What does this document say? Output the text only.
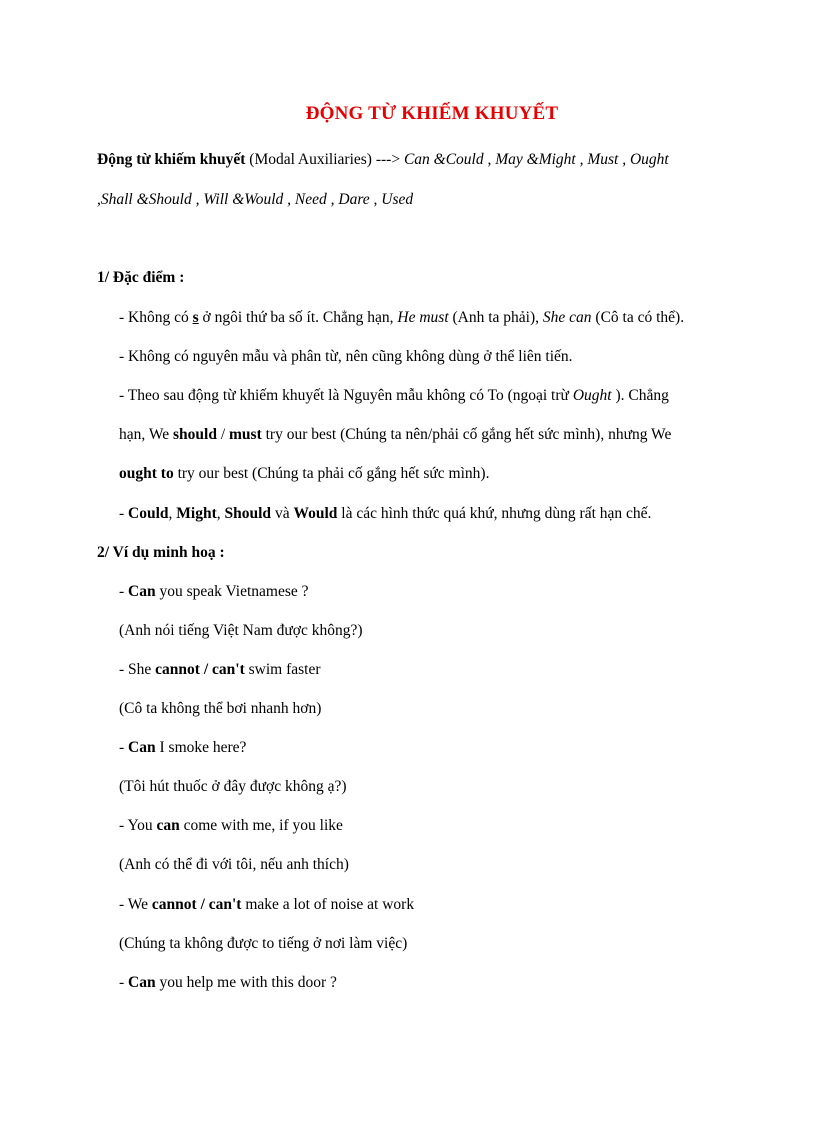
ĐỘNG TỪ KHIẾM KHUYẾT
Động từ khiếm khuyết (Modal Auxiliaries) ---> Can &Could , May &Might , Must , Ought
,Shall &Should , Will &Would , Need , Dare , Used
1/ Đặc điểm :
- Không có s ở ngôi thứ ba số ít. Chẳng hạn, He must (Anh ta phải), She can (Cô ta có thể).
- Không có nguyên mẫu và phân từ, nên cũng không dùng ở thể liên tiến.
- Theo sau động từ khiếm khuyết là Nguyên mẫu không có To (ngoại trừ Ought ). Chẳng
hạn, We should / must try our best (Chúng ta nên/phải cố gắng hết sức mình), nhưng We
ought to try our best (Chúng ta phải cố gắng hết sức mình).
- Could, Might, Should và Would là các hình thức quá khứ, nhưng dùng rất hạn chế.
2/ Ví dụ minh hoạ :
- Can you speak Vietnamese ?
(Anh nói tiếng Việt Nam được không?)
- She cannot / can't swim faster
(Cô ta không thể bơi nhanh hơn)
- Can I smoke here?
(Tôi hút thuốc ở đây được không ạ?)
- You can come with me, if you like
(Anh có thể đi với tôi, nếu anh thích)
- We cannot / can't make a lot of noise at work
(Chúng ta không được to tiếng ở nơi làm việc)
- Can you help me with this door ?
